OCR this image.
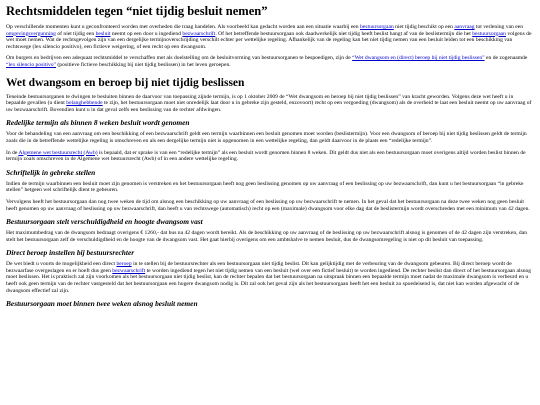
Rechtsmiddelen tegen “niet tijdig besluit nemen”

Op verschillende momenten kunt u geconfronteerd worden met overheden die traag handelen. Als voorbeeld kan gedacht worden aan een situatie waarbij een bestuursorgaan niet tijdig beschikt op een aanvraag tot verlening van een omgevingsvergunning of niet tijdig een besluit neemt op een door u ingediend bezwaarschrift. Of het betreffende bestuursorgaan ook daadwerkelijk niet tijdig heeft beslist hangt af van de beslistermijn die het bestuursorgaan volgens de wet moet nemen. Wat de rechtsgevolgen zijn van een dergelijke termijnoverschrijding verschilt echter per wettelijke regeling. Afhankelijk van de regeling kan het niet tijdig nemen van een besluit leiden tot een beschikking van rechtswege (lex silencio positivo), een fictieve weigering, of een recht op een dwangsom.

Om burgers en bedrijven een adequaat rechtsmiddel te verschaffen met als doelstelling om de besluitvorming van bestuursorganen te bespoedigen, zijn de “Wet dwangsom en (direct) beroep bij niet tijdig beslissen” en de zogenaamde “lex silencio positivo” (positieve fictieve beschikking bij niet tijdig beslissen) in het leven geroepen.

Wet dwangsom en beroep bij niet tijdig beslissen

Teneinde bestuursorganen te dwingen te besluiten binnen de daarvoor van toepassing zijnde termijn, is op 1 oktober 2009 de “Wet dwangsom en beroep bij niet tijdig beslissen” van kracht geworden. Volgens deze wet heeft u in bepaalde gevallen (u dient belanghebbende te zijn, het bestuursorgaan moet niet onredelijk laat door u in gebreke zijn gesteld, enzovoort) recht op een vergoeding (dwangsom) als de overheid te laat een besluit neemt op uw aanvraag of uw bezwaarschrift. Bovendien kunt u in dat geval zelfs een beslissing van de rechter afdwingen.

Redelijke termijn als binnen 8 weken besluit wordt genomen

Voor de behandeling van een aanvraag om een beschikking of een bezwaarschrift geldt een termijn waarbinnen een besluit genomen moet worden (beslistermijn). Voor een dwangsom of beroep bij niet tijdig beslissen geldt de termijn zoals die in de betreffende wettelijke regeling is omschreven en als een dergelijke termijn niet is opgenomen in een wettelijke regeling, dan geldt daarvoor in de plaats een “redelijke termijn”.

In de Algemene wet bestuursrecht (Awb) is bepaald, dat er sprake is van een “redelijke termijn” als een besluit wordt genomen binnen 8 weken. Dit geldt dus niet als een bestuursorgaan moet overigens altijd worden beslist binnen de termijn zoals omschreven in de Algemene wet bestuursrecht (Awb) of in een andere wettelijke regeling.

Schriftelijk in gebreke stellen

Indien de termijn waarbinnen een besluit moet zijn genomen is verstreken en het bestuursorgaan heeft nog geen beslissing genomen op uw aanvraag of een beslissing op uw bezwaarschrift, dan kunt u het bestuursorgaan “in gebreke stellen” hetgeen wel schriftelijk dient te gebeuren.

Vervolgens heeft het bestuursorgaan dan nog twee weken de tijd om alsnog een beschikking op uw aanvraag of een beslissing op uw bezwaarschrift te nemen. In het geval dat het bestuursorgaan na deze twee weken nog geen besluit heeft genomen op uw aanvraag of beslissing op uw bezwaarschrift, dan heeft u van rechtswege (automatisch) recht op een (maximale) dwangsom voor elke dag dat de beslistermijn wordt overschreden met een minimum van 42 dagen.

Bestuursorgaan stelt verschuldigdheid en hoogte dwangsom vast

Het maximumbedrag van de dwangsom bedraagt overigens € 1260,- dat bus na 42 dagen wordt bereikt. Als de beschikking op uw aanvraag of de beslissing op uw bezwaarschrift alsnog is genomen of de 42 dagen zijn verstreken, dan stelt het bestuursorgaan zelf de verschuldigdheid en de hoogte van de dwangsom vast. Het gaat hierbij overigens om een ambtshalve te nemen besluit, dus de dwangsomregeling is niet op dit besluit van toepassing.

Direct beroep instellen bij bestuursrechter

De wet biedt u voorts de mogelijkheid een direct beroep in te stellen bij de bestuursrechter als een bestuursorgaan niet tijdig beslist. Dit kan gelijktijdig met de verbeuring van de dwangsom gebeuren. Bij direct beroep wordt de bezwaarfase overgeslagen en er hoeft dus geen bezwaarschrift te worden ingediend tegen het niet tijdig nemen van een besluit (wel over een fictief besluit) te worden ingediend. De rechter beslist dan direct of het bestuursorgaan alsnog moet beslissen. Het is praktisch zal zijn voorkomen als het bestuursorgaan niet tijdig beslist, kan de rechter bepalen dat het bestuursorgaan na uitspraak binnen een bepaalde termijn moet nadat de maximale dwangsom is verbeurd en u heeft ook geen termijn van de rechter vastgesteld dat het bestuursorgaan een hogere dwangsom nodig is. Dit zal ook het geval zijn als het bestuursorgaan heeft het een besluit zo spoedeisend is, dat niet kan worden afgewacht of de dwangsom effectief zal zijn.

Bestuursorgaan moet binnen twee weken alsnog besluit nemen
